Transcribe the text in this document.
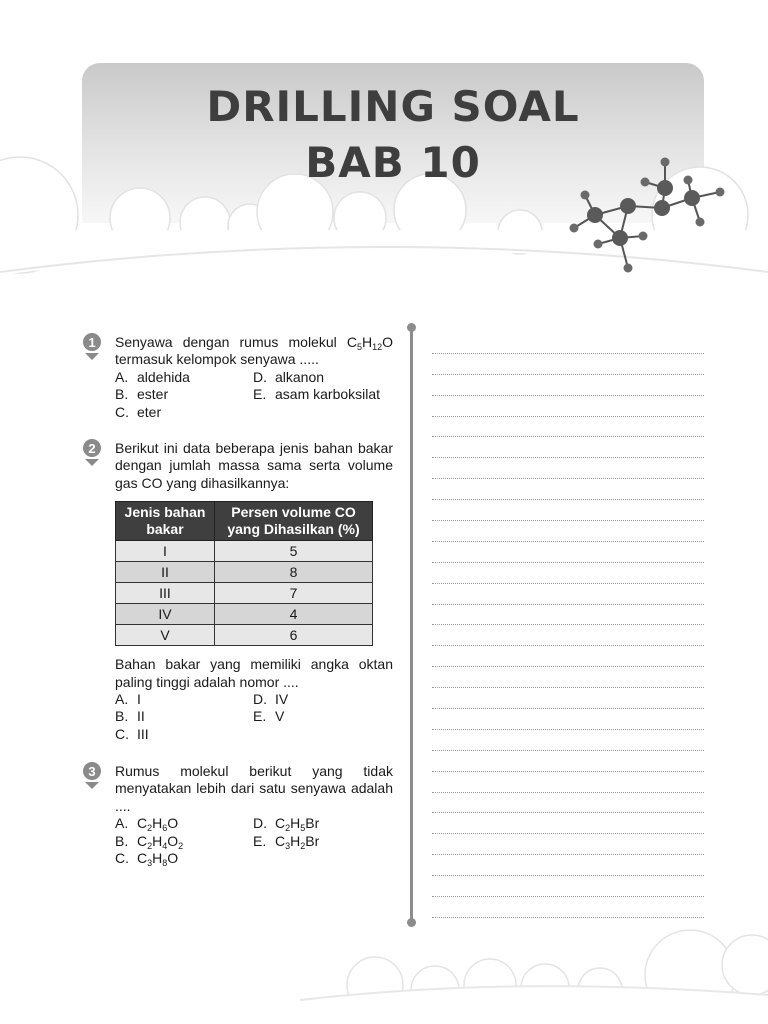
DRILLING SOAL
BAB 10
1
2
3

Senyawa dengan rumus molekul $C_5H_{12}O$ termasuk kelompok senyawa .....

A. aldehida	D. alkanon
B. ester	E. asam karboksilat
C. eter

Berikut ini data beberapa jenis bahan bakar dengan jumlah massa sama serta volume gas CO yang dihasilkannya:

Jenis bahan bakar	Persen volume CO yang Dihasilkan (%)
I	5
II	8
III	7
IV	4
V	6

Bahan bakar yang memiliki angka oktan paling tinggi adalah nomor ....

A. I	D. IV
B. II	E. V
C. III

Rumus molekul berikut yang tidak menyatakan lebih dari satu senyawa adalah ....

A. $C_2H_6O$	D. $C_2H_5Br$
B. $C_2H_4O_2$	E. $C_3H_2Br$
C. $C_3H_8O$
